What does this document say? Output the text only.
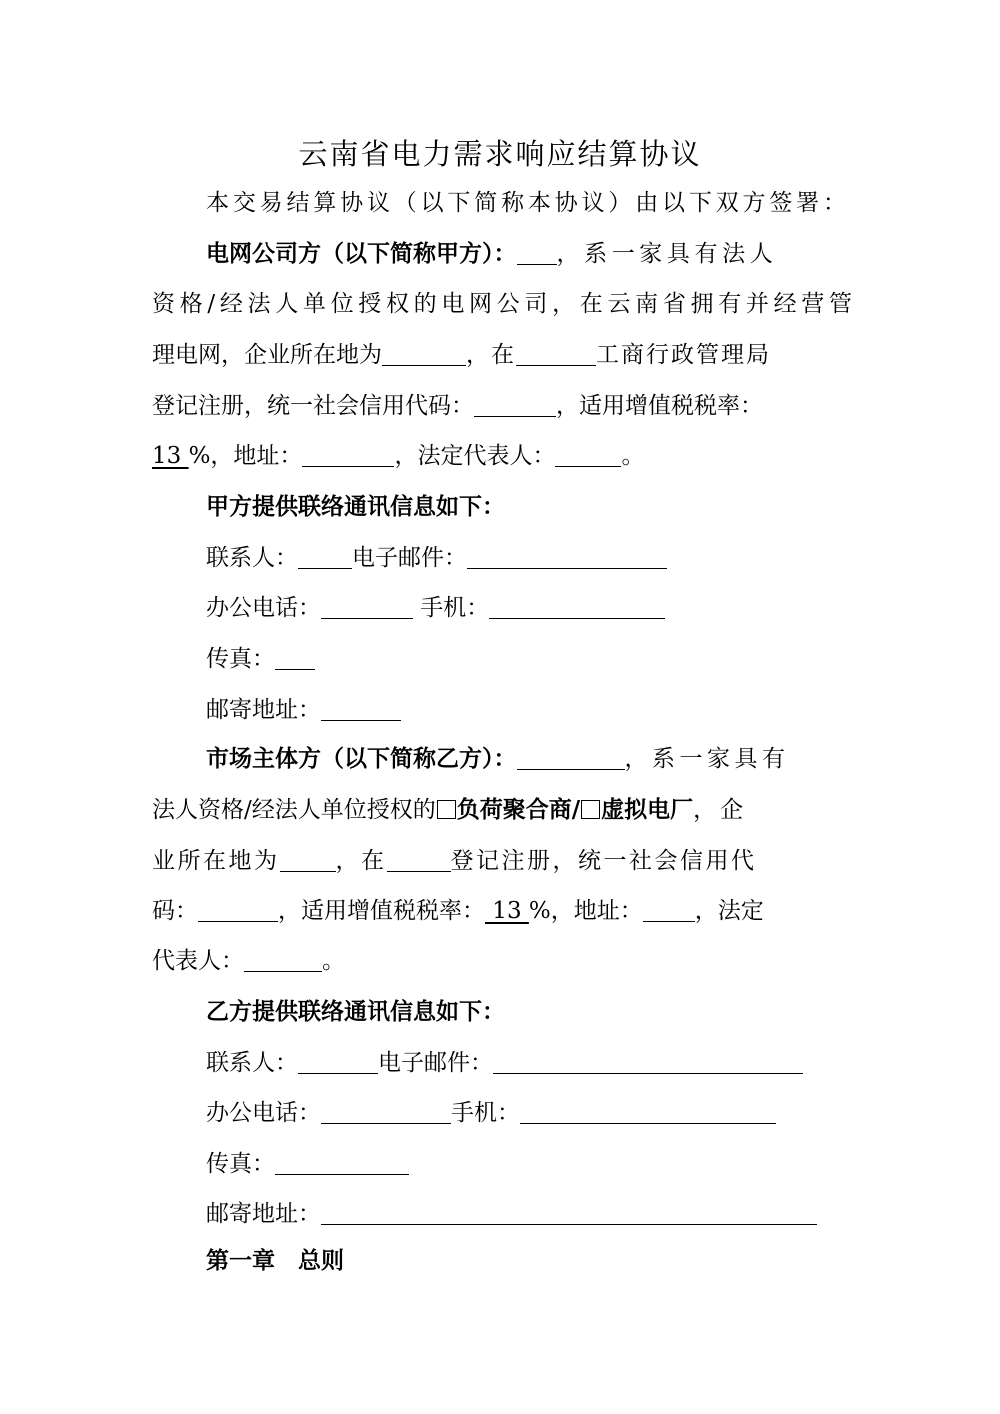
云南省电力需求响应结算协议
本交易结算协议（以下简称本协议）由以下双方签署：
电网公司方（以下简称甲方）： ，系一家具有法人
资格/经法人单位授权的电网公司，在云南省拥有并经营管
理电网，企业所在地为	，在	工商行政管理局
登记注册，统一社会信用代码：	，适用增值税税率：
13 %，地址：	，法定代表人：	。
甲方提供联络通讯信息如下：
联系人： 电子邮件：
办公电话：	手机：
传真：
邮寄地址：
市场主体方（以下简称乙方）：	，系一家具有
法人资格/经法人单位授权的 负荷聚合商/ 虚拟电厂，企
业所在地为 ，在	登记注册，统一社会信用代
码：	，适用增值税税率： 13 %，地址： ，法定
代表人：	。
乙方提供联络通讯信息如下：
联系人：	电子邮件：
办公电话：	手机：
传真：
邮寄地址：
第一章　总则
